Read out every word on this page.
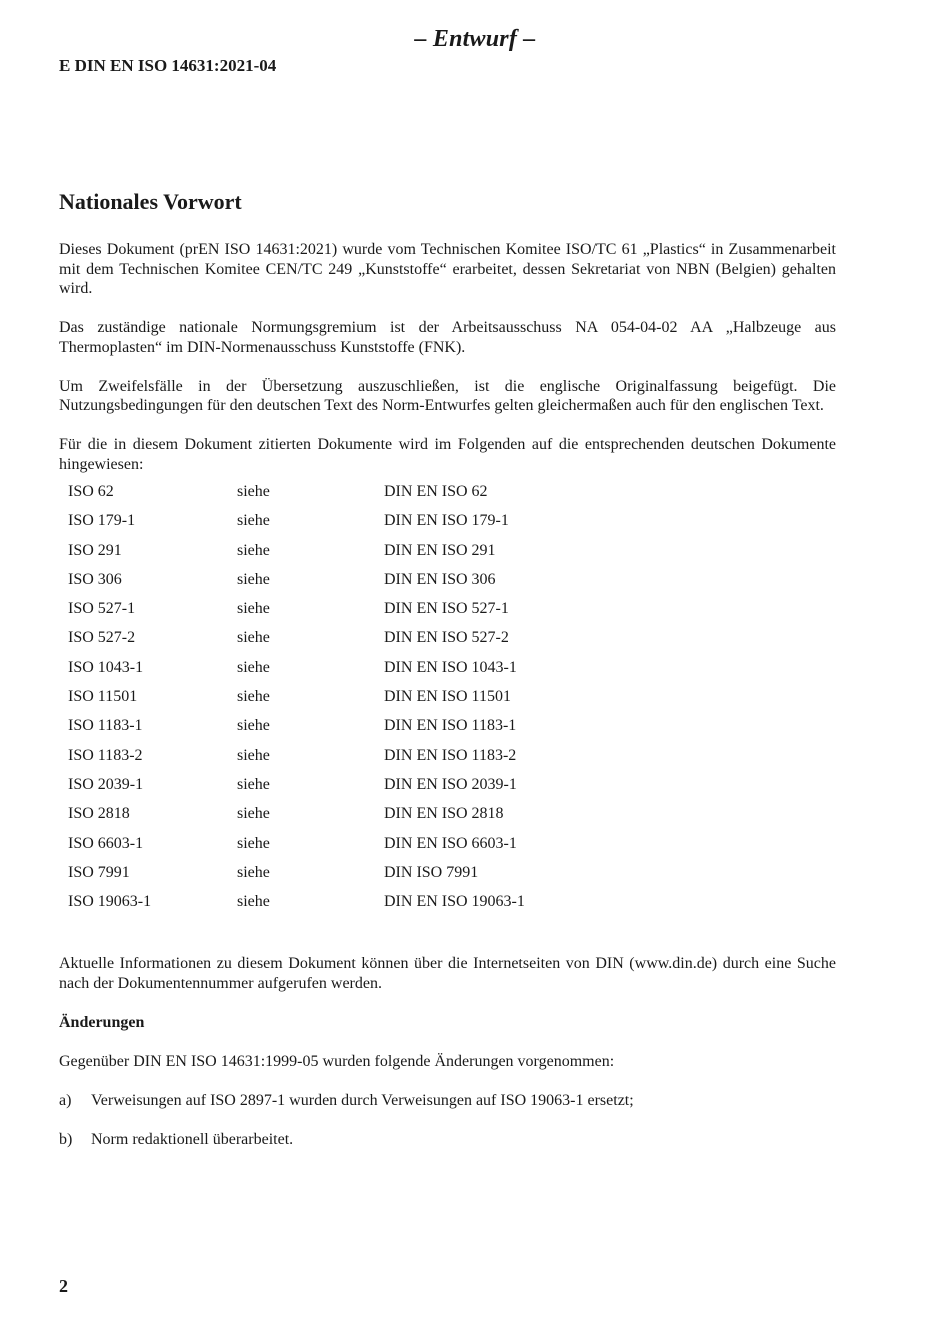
– Entwurf –
E DIN EN ISO 14631:2021-04
Nationales Vorwort

Dieses Dokument (prEN ISO 14631:2021) wurde vom Technischen Komitee ISO/TC 61 „Plastics“ in Zusammenarbeit mit dem Technischen Komitee CEN/TC 249 „Kunststoffe“ erarbeitet, dessen Sekretariat von NBN (Belgien) gehalten wird.

Das zuständige nationale Normungsgremium ist der Arbeitsausschuss NA 054-04-02 AA „Halbzeuge aus Thermoplasten“ im DIN-Normenausschuss Kunststoffe (FNK).

Um Zweifelsfälle in der Übersetzung auszuschließen, ist die englische Originalfassung beigefügt. Die Nutzungsbedingungen für den deutschen Text des Norm-Entwurfes gelten gleichermaßen auch für den englischen Text.

Für die in diesem Dokument zitierten Dokumente wird im Folgenden auf die entsprechenden deutschen Dokumente hingewiesen:

ISO 62	siehe	DIN EN ISO 62
ISO 179-1	siehe	DIN EN ISO 179-1
ISO 291	siehe	DIN EN ISO 291
ISO 306	siehe	DIN EN ISO 306
ISO 527-1	siehe	DIN EN ISO 527-1
ISO 527-2	siehe	DIN EN ISO 527-2
ISO 1043-1	siehe	DIN EN ISO 1043-1
ISO 11501	siehe	DIN EN ISO 11501
ISO 1183-1	siehe	DIN EN ISO 1183-1
ISO 1183-2	siehe	DIN EN ISO 1183-2
ISO 2039-1	siehe	DIN EN ISO 2039-1
ISO 2818	siehe	DIN EN ISO 2818
ISO 6603-1	siehe	DIN EN ISO 6603-1
ISO 7991	siehe	DIN ISO 7991
ISO 19063-1	siehe	DIN EN ISO 19063-1

Aktuelle Informationen zu diesem Dokument können über die Internetseiten von DIN (www.din.de) durch eine Suche nach der Dokumentennummer aufgerufen werden.

Änderungen

Gegenüber DIN EN ISO 14631:1999-05 wurden folgende Änderungen vorgenommen:

a)	Verweisungen auf ISO 2897-1 wurden durch Verweisungen auf ISO 19063-1 ersetzt;
b)	Norm redaktionell überarbeitet.
2
